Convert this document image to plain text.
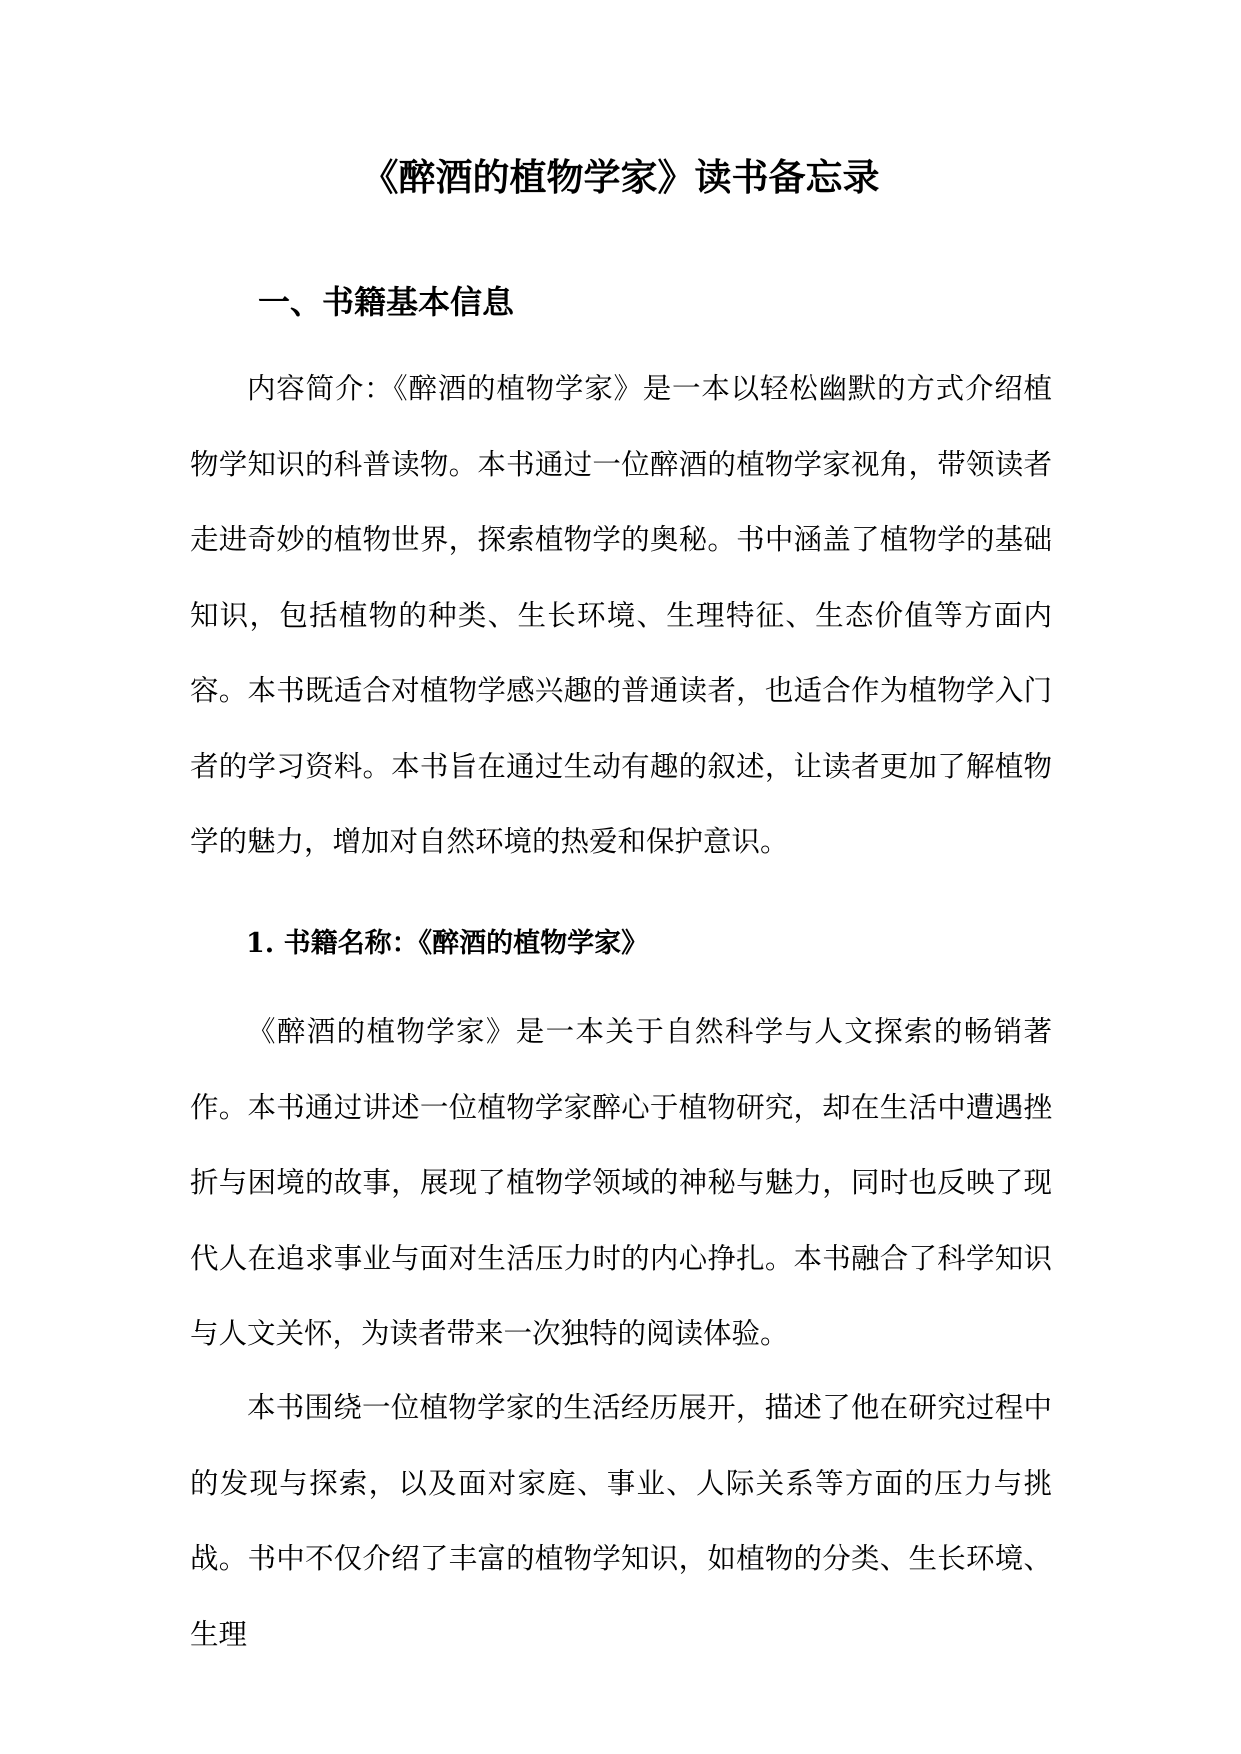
《醉酒的植物学家》读书备忘录
一、书籍基本信息

内容简介：《醉酒的植物学家》是一本以轻松幽默的方式介绍植物学知识的科普读物。本书通过一位醉酒的植物学家视角，带领读者走进奇妙的植物世界，探索植物学的奥秘。书中涵盖了植物学的基础知识，包括植物的种类、生长环境、生理特征、生态价值等方面内容。本书既适合对植物学感兴趣的普通读者，也适合作为植物学入门者的学习资料。本书旨在通过生动有趣的叙述，让读者更加了解植物学的魅力，增加对自然环境的热爱和保护意识。

1. 书籍名称：《醉酒的植物学家》

《醉酒的植物学家》是一本关于自然科学与人文探索的畅销著作。本书通过讲述一位植物学家醉心于植物研究，却在生活中遭遇挫折与困境的故事，展现了植物学领域的神秘与魅力，同时也反映了现代人在追求事业与面对生活压力时的内心挣扎。本书融合了科学知识与人文关怀，为读者带来一次独特的阅读体验。

本书围绕一位植物学家的生活经历展开，描述了他在研究过程中的发现与探索，以及面对家庭、事业、人际关系等方面的压力与挑战。书中不仅介绍了丰富的植物学知识，如植物的分类、生长环境、生理
